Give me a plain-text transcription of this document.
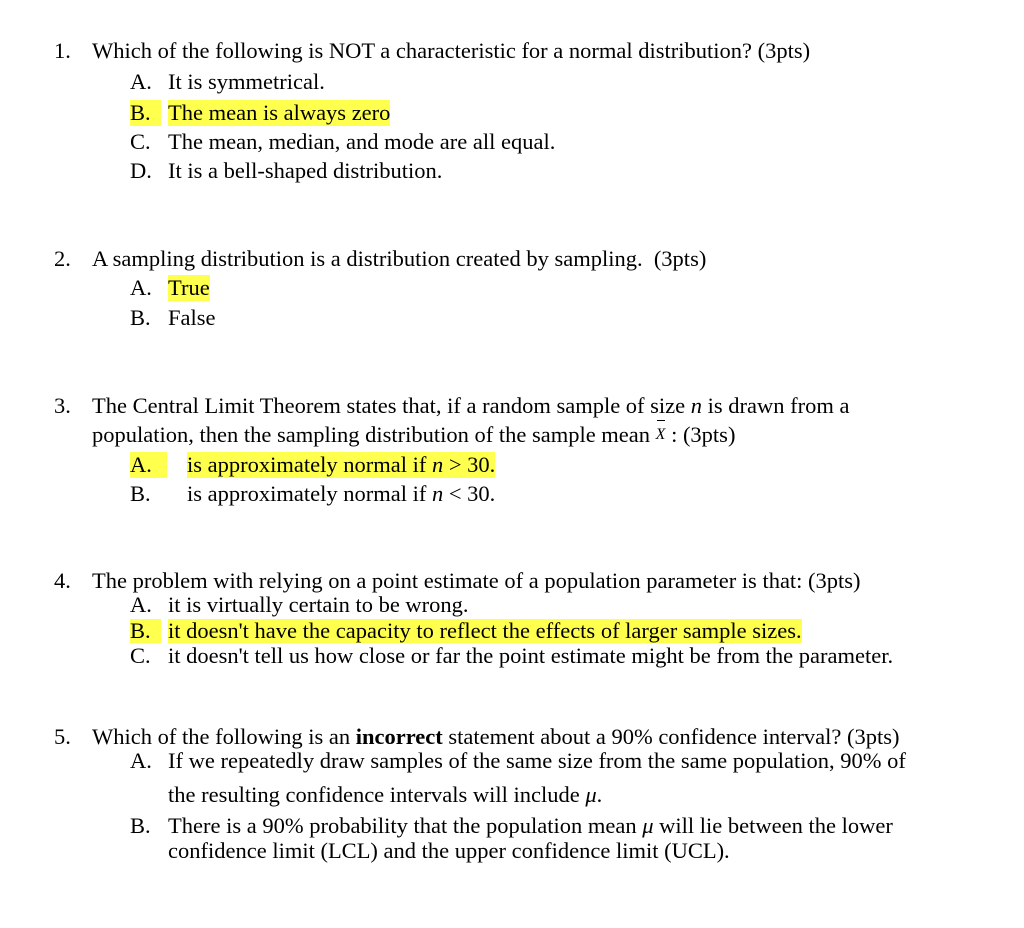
1. Which of the following is NOT a characteristic for a normal distribution? (3pts)
A. It is symmetrical.
B. The mean is always zero
C. The mean, median, and mode are all equal.
D. It is a bell-shaped distribution.
2. A sampling distribution is a distribution created by sampling.  (3pts)
A. True
B. False
3. The Central Limit Theorem states that, if a random sample of size n is drawn from a
population, then the sampling distribution of the sample mean X : (3pts)
A.	is approximately normal if n > 30.
B. is approximately normal if n < 30.
4. The problem with relying on a point estimate of a population parameter is that: (3pts)
A. it is virtually certain to be wrong.
B. it doesn't have the capacity to reflect the effects of larger sample sizes.
C. it doesn't tell us how close or far the point estimate might be from the parameter.
5. Which of the following is an incorrect statement about a 90% confidence interval? (3pts)
A. If we repeatedly draw samples of the same size from the same population, 90% of
the resulting confidence intervals will include μ.
B. There is a 90% probability that the population mean μ will lie between the lower
confidence limit (LCL) and the upper confidence limit (UCL).
